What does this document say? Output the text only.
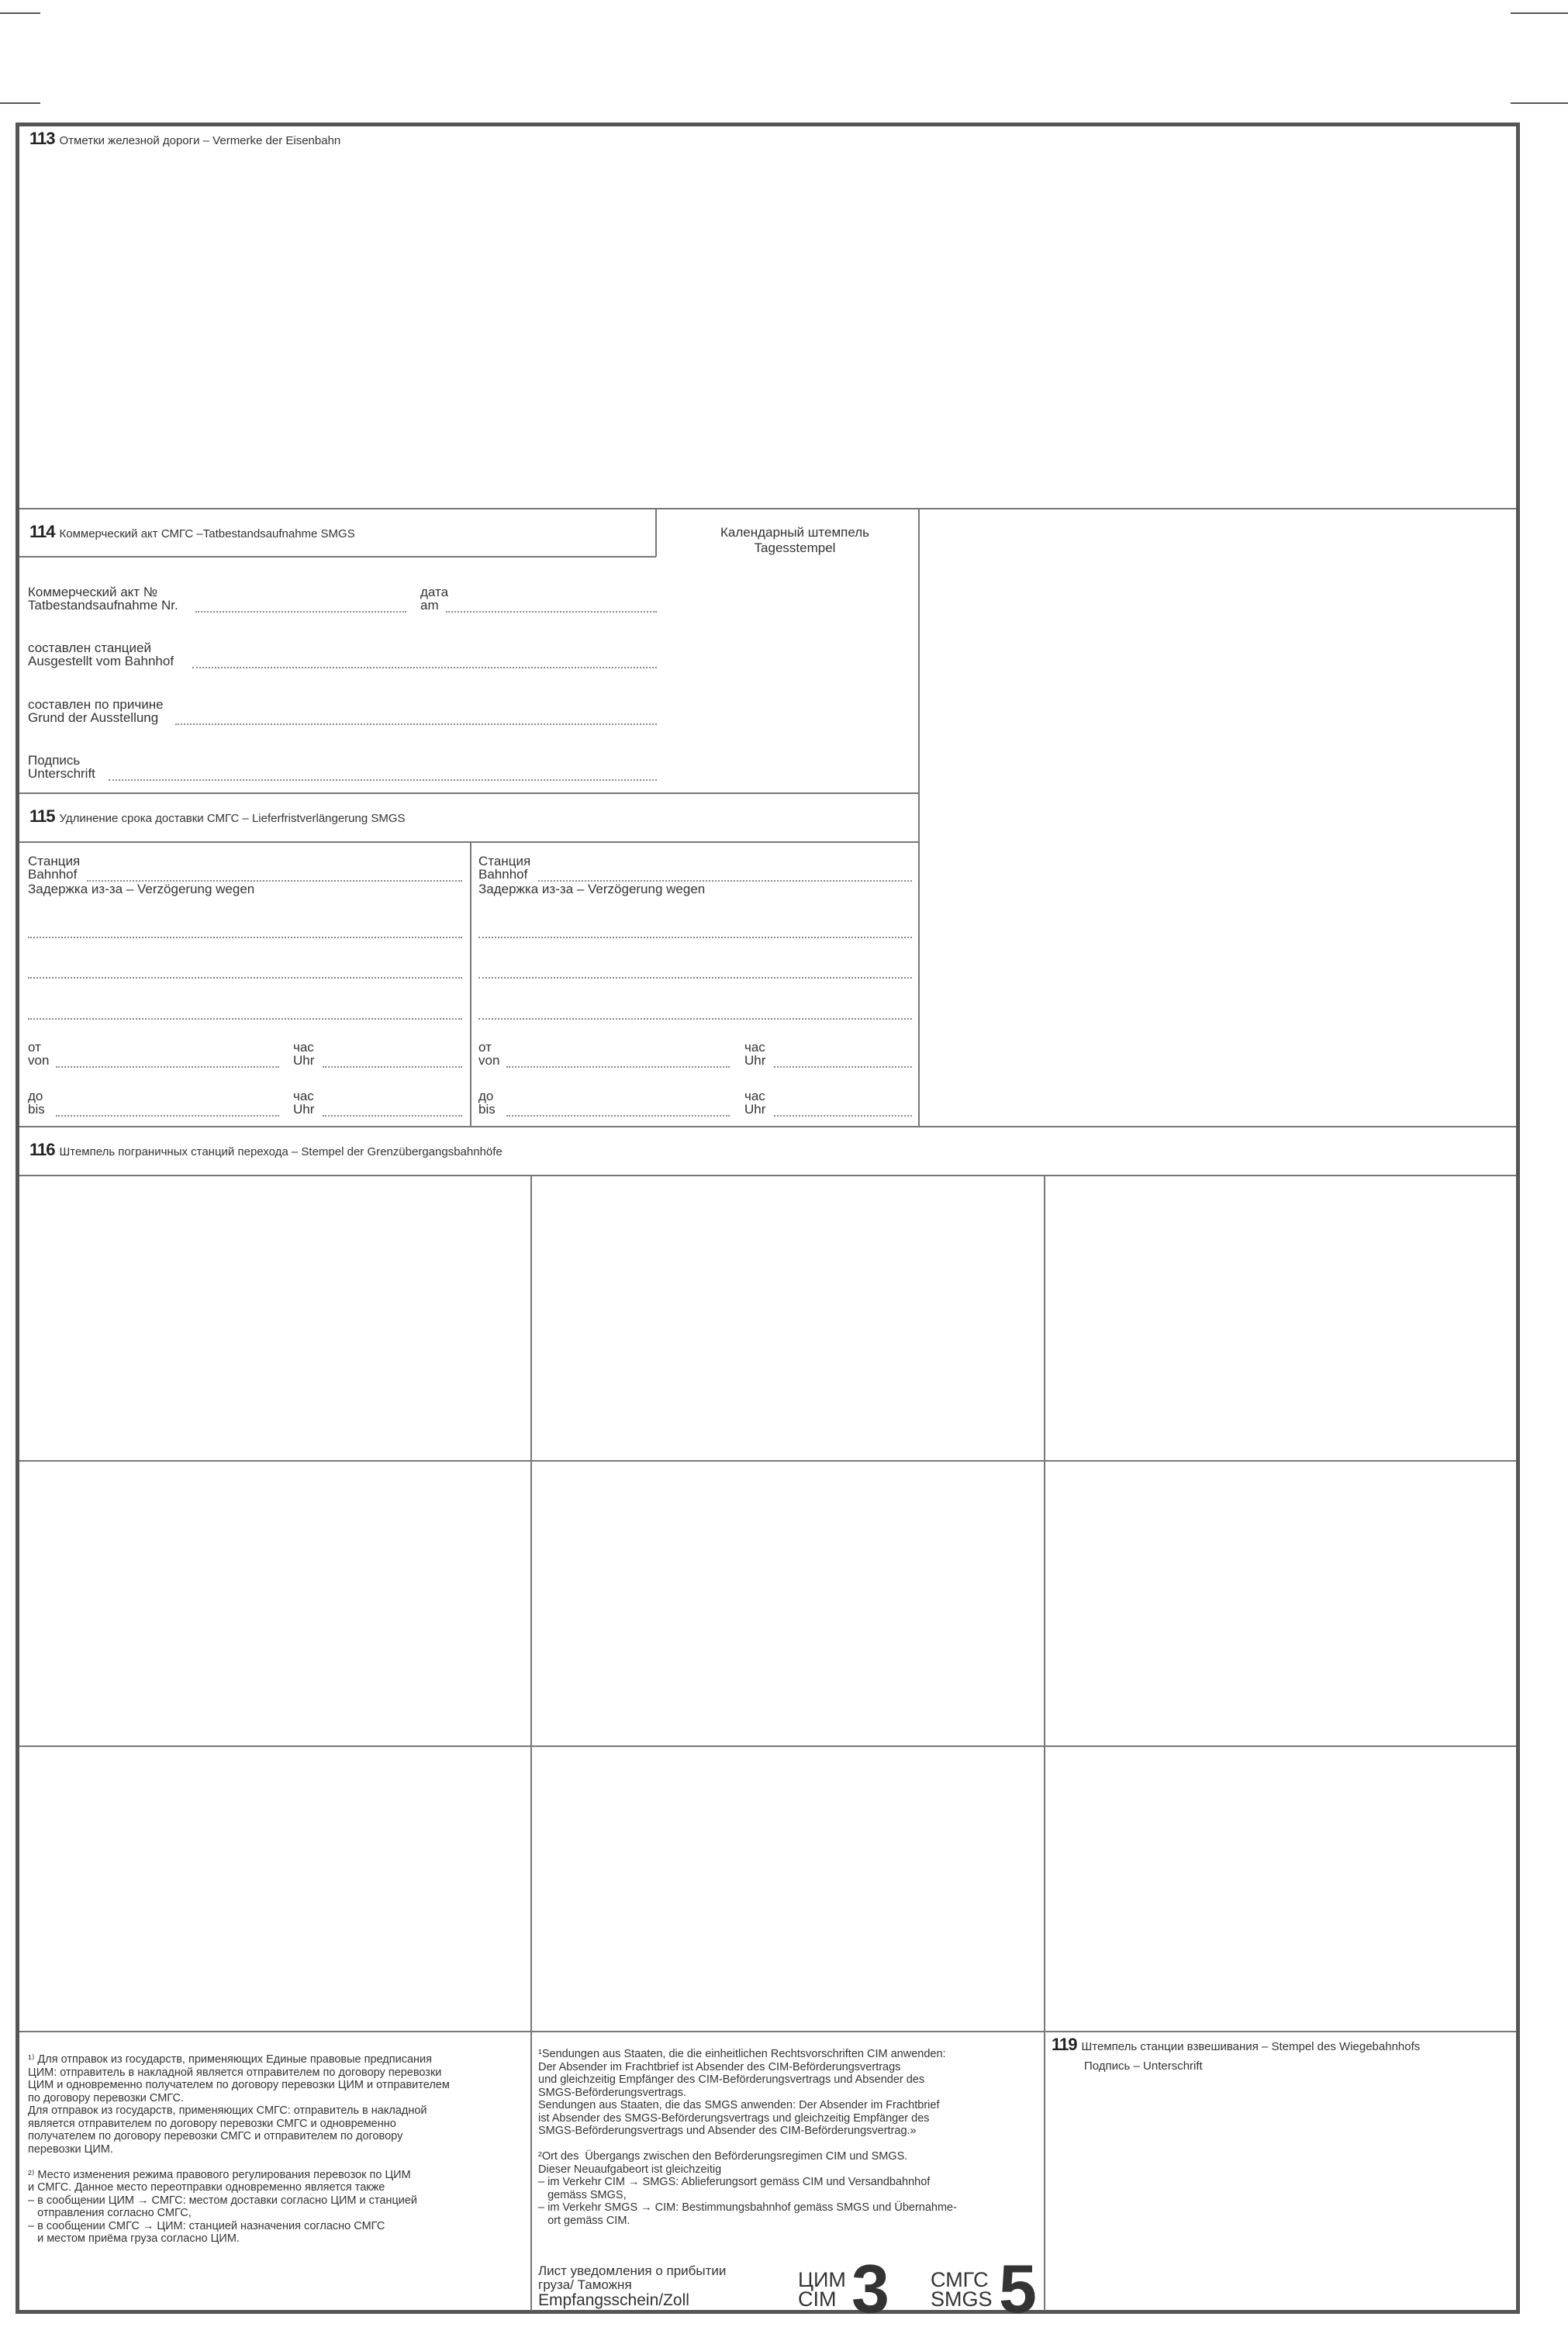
113 Отметки железной дороги – Vermerke der Eisenbahn
114 Коммерческий акт СМГС –Tatbestandsaufnahme SMGS	Календарный штемпель
Tagesstempel
Коммерческий акт №
Tatbestandsaufnahme Nr.
дата
am
составлен станцией
Ausgestellt vom Bahnhof
составлен по причине
Grund der Ausstellung
Подпись
Unterschrift
115 Удлинение срока доставки СМГС – Lieferfristverlängerung SMGS
Станция
Bahnhof
Задержка из-за – Verzögerung wegen
от
von
час
Uhr
до
bis
час
Uhr
Станция
Bahnhof
Задержка из-за – Verzögerung wegen
от
von
час
Uhr
до
bis
час
Uhr
116 Штемпель пограничных станций перехода – Stempel der Grenzübergangsbahnhöfe
¹⁾ Для отправок из государств, применяющих Единые правовые предписания
ЦИМ: отправитель в накладной является отправителем по договору перевозки
ЦИМ и одновременно получателем по договору перевозки ЦИМ и отправителем
по договору перевозки СМГС.
Для отправок из государств, применяющих СМГС: отправитель в накладной
является отправителем по договору перевозки СМГС и одновременно
получателем по договору перевозки СМГС и отправителем по договору
перевозки ЦИМ.

²⁾ Место изменения режима правового регулирования перевозок по ЦИМ
и СМГС. Данное место переотправки одновременно является также
– в сообщении ЦИМ → СМГС: местом доставки согласно ЦИМ и станцией
отправления согласно СМГС,
– в сообщении СМГС → ЦИМ: станцией назначения согласно СМГС
и местом приёма груза согласно ЦИМ.
¹Sendungen aus Staaten, die die einheitlichen Rechtsvorschriften CIM anwenden:
Der Absender im Frachtbrief ist Absender des CIM-Beförderungsvertrags
und gleichzeitig Empfänger des CIM-Beförderungsvertrags und Absender des
SMGS-Beförderungsvertrags.
Sendungen aus Staaten, die das SMGS anwenden: Der Absender im Frachtbrief
ist Absender des SMGS-Beförderungsvertrags und gleichzeitig Empfänger des
SMGS-Beförderungsvertrags und Absender des CIM-Beförderungsvertrag.»

²Ort des  Übergangs zwischen den Beförderungsregimen CIM und SMGS.
Dieser Neuaufgabeort ist gleichzeitig
– im Verkehr CIM → SMGS: Ablieferungsort gemäss CIM und Versandbahnhof
gemäss SMGS,
– im Verkehr SMGS → CIM: Bestimmungsbahnhof gemäss SMGS und Übernahme-
ort gemäss CIM.
Лист уведомления о прибытии
груза/ Таможня
Empfangsschein/Zoll
ЦИМ
CIM 3 СМГС
SMGS 5
119 Штемпель станции взвешивания – Stempel des Wiegebahnhofs
Подпись – Unterschrift
